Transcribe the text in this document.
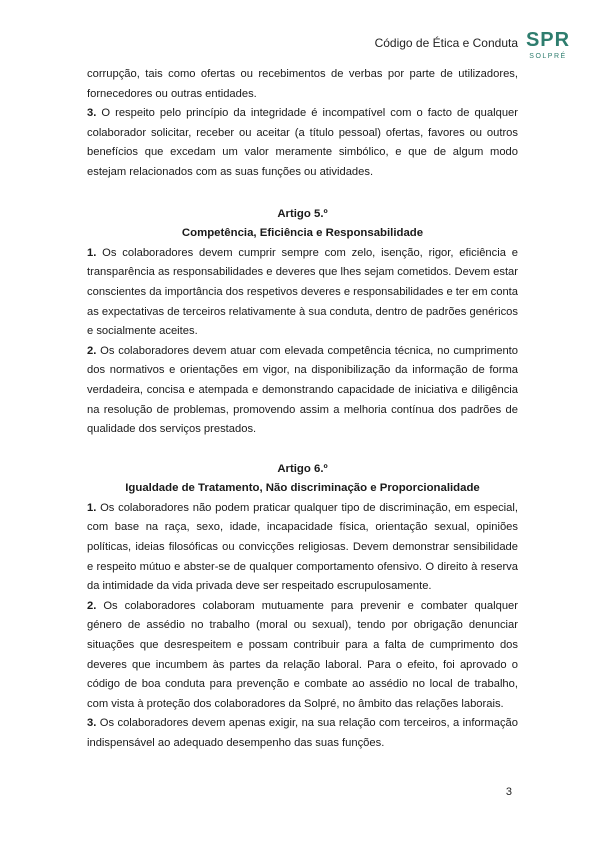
Código de Ética e Conduta SPR
SOLPRÉ

corrupção, tais como ofertas ou recebimentos de verbas por parte de utilizadores, fornecedores ou outras entidades.

3. O respeito pelo princípio da integridade é incompatível com o facto de qualquer colaborador solicitar, receber ou aceitar (a título pessoal) ofertas, favores ou outros benefícios que excedam um valor meramente simbólico, e que de algum modo estejam relacionados com as suas funções ou atividades.

Artigo 5.º

Competência, Eficiência e Responsabilidade

1. Os colaboradores devem cumprir sempre com zelo, isenção, rigor, eficiência e transparência as responsabilidades e deveres que lhes sejam cometidos. Devem estar conscientes da importância dos respetivos deveres e responsabilidades e ter em conta as expectativas de terceiros relativamente à sua conduta, dentro de padrões genéricos e socialmente aceites.

2. Os colaboradores devem atuar com elevada competência técnica, no cumprimento dos normativos e orientações em vigor, na disponibilização da informação de forma verdadeira, concisa e atempada e demonstrando capacidade de iniciativa e diligência na resolução de problemas, promovendo assim a melhoria contínua dos padrões de qualidade dos serviços prestados.

Artigo 6.º

Igualdade de Tratamento, Não discriminação e Proporcionalidade

1. Os colaboradores não podem praticar qualquer tipo de discriminação, em especial, com base na raça, sexo, idade, incapacidade física, orientação sexual, opiniões políticas, ideias filosóficas ou convicções religiosas. Devem demonstrar sensibilidade e respeito mútuo e abster-se de qualquer comportamento ofensivo. O direito à reserva da intimidade da vida privada deve ser respeitado escrupulosamente.

2. Os colaboradores colaboram mutuamente para prevenir e combater qualquer género de assédio no trabalho (moral ou sexual), tendo por obrigação denunciar situações que desrespeitem e possam contribuir para a falta de cumprimento dos deveres que incumbem às partes da relação laboral. Para o efeito, foi aprovado o código de boa conduta para prevenção e combate ao assédio no local de trabalho, com vista à proteção dos colaboradores da Solpré, no âmbito das relações laborais.

3. Os colaboradores devem apenas exigir, na sua relação com terceiros, a informação indispensável ao adequado desempenho das suas funções.

3
